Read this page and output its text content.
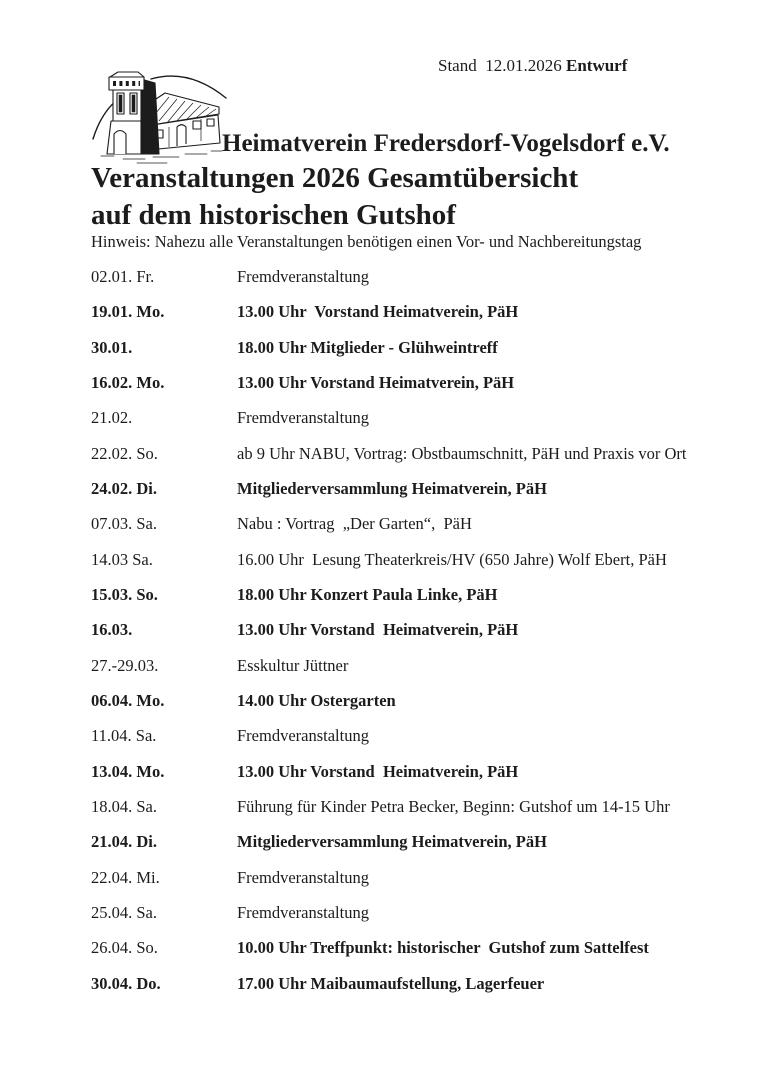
Stand  12.01.2026 Entwurf
Heimatverein Fredersdorf-Vogelsdorf e.V.
Veranstaltungen 2026 Gesamtübersicht
auf dem historischen Gutshof
Hinweis: Nahezu alle Veranstaltungen benötigen einen Vor- und Nachbereitungstag
02.01. Fr.	Fremdveranstaltung
19.01. Mo.	13.00 Uhr  Vorstand Heimatverein, PäH
30.01.	18.00 Uhr Mitglieder - Glühweintreff
16.02. Mo.	13.00 Uhr Vorstand Heimatverein, PäH
21.02.	Fremdveranstaltung
22.02. So.	ab 9 Uhr NABU, Vortrag: Obstbaumschnitt, PäH und Praxis vor Ort
24.02. Di.	Mitgliederversammlung Heimatverein, PäH
07.03. Sa.	Nabu : Vortrag  „Der Garten“,  PäH
14.03 Sa.	16.00 Uhr  Lesung Theaterkreis/HV (650 Jahre) Wolf Ebert, PäH
15.03. So.	18.00 Uhr Konzert Paula Linke, PäH
16.03.	13.00 Uhr Vorstand  Heimatverein, PäH
27.-29.03.	Esskultur Jüttner
06.04. Mo.	14.00 Uhr Ostergarten
11.04. Sa.	Fremdveranstaltung
13.04. Mo.	13.00 Uhr Vorstand  Heimatverein, PäH
18.04. Sa.	Führung für Kinder Petra Becker, Beginn: Gutshof um 14-15 Uhr
21.04. Di.	Mitgliederversammlung Heimatverein, PäH
22.04. Mi.	Fremdveranstaltung
25.04. Sa.	Fremdveranstaltung
26.04. So.	10.00 Uhr Treffpunkt: historischer  Gutshof zum Sattelfest
30.04. Do.	17.00 Uhr Maibaumaufstellung, Lagerfeuer
